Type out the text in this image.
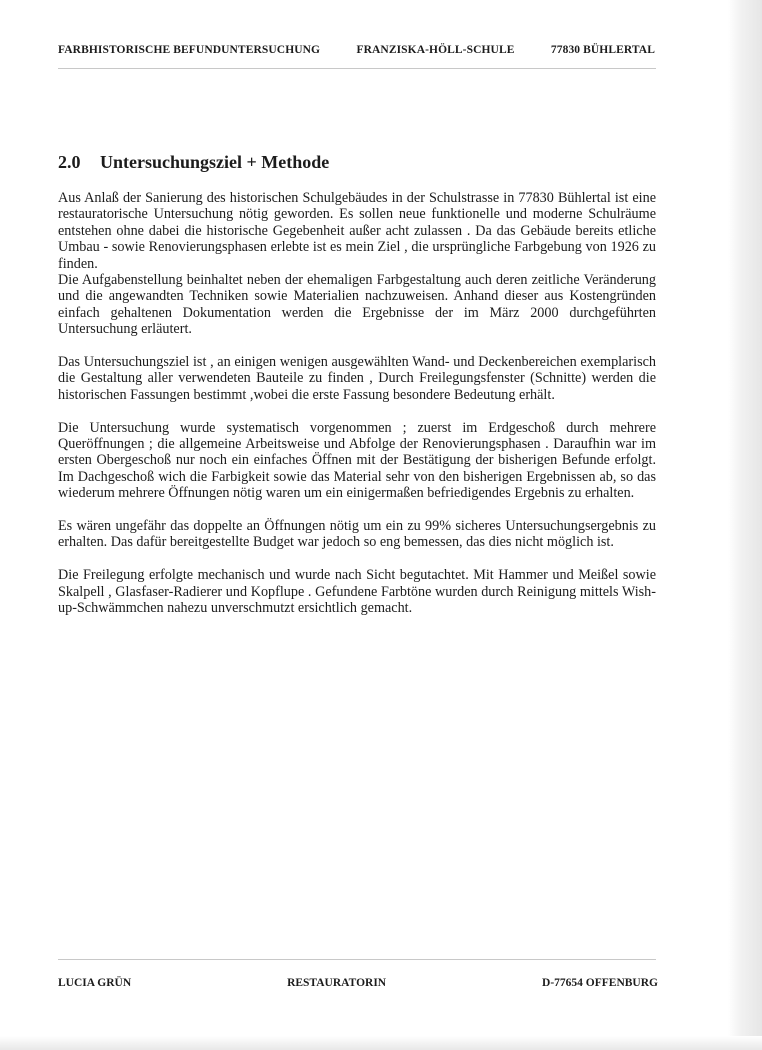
FARBHISTORISCHE BEFUNDUNTERSUCHUNG	FRANZISKA-HÖLL-SCHULE	77830 BÜHLERTAL
2.0 Untersuchungsziel + Methode

Aus Anlaß der Sanierung des historischen Schulgebäudes in der Schulstrasse in 77830 Bühlertal ist eine restauratorische Untersuchung nötig geworden. Es sollen neue funktionelle und moderne Schulräume entstehen ohne dabei die historische Gegebenheit außer acht zulassen . Da das Gebäude bereits etliche Umbau - sowie Renovierungsphasen erlebte ist es mein Ziel , die ursprüngliche Farbgebung von 1926 zu finden.

Die Aufgabenstellung beinhaltet neben der ehemaligen Farbgestaltung auch deren zeitliche Veränderung und die angewandten Techniken sowie Materialien nachzuweisen. Anhand dieser aus Kostengründen einfach gehaltenen Dokumentation werden die Ergebnisse der im März 2000 durchgeführten Untersuchung erläutert.

Das Untersuchungsziel ist , an einigen wenigen ausgewählten Wand- und Deckenbereichen exemplarisch die Gestaltung aller verwendeten Bauteile zu finden , Durch Freilegungsfenster (Schnitte) werden die historischen Fassungen bestimmt ,wobei die erste Fassung besondere Bedeutung erhält.

Die Untersuchung wurde systematisch vorgenommen ; zuerst im Erdgeschoß durch mehrere Queröffnungen ; die allgemeine Arbeitsweise und Abfolge der Renovierungsphasen . Daraufhin war im ersten Obergeschoß nur noch ein einfaches Öffnen mit der Bestätigung der bisherigen Befunde erfolgt. Im Dachgeschoß wich die Farbigkeit sowie das Material sehr von den bisherigen Ergebnissen ab, so das wiederum mehrere Öffnungen nötig waren um ein einigermaßen befriedigendes Ergebnis zu erhalten.

Es wären ungefähr das doppelte an Öffnungen nötig um ein zu 99% sicheres Untersuchungsergebnis zu erhalten. Das dafür bereitgestellte Budget war jedoch so eng bemessen, das dies nicht möglich ist.

Die Freilegung erfolgte mechanisch und wurde nach Sicht begutachtet. Mit Hammer und Meißel sowie Skalpell , Glasfaser-Radierer und Kopflupe . Gefundene Farbtöne wurden durch Reinigung mittels Wish-up-Schwämmchen nahezu unverschmutzt ersichtlich gemacht.

LUCIA GRÜN	RESTAURATORIN	D-77654 OFFENBURG
